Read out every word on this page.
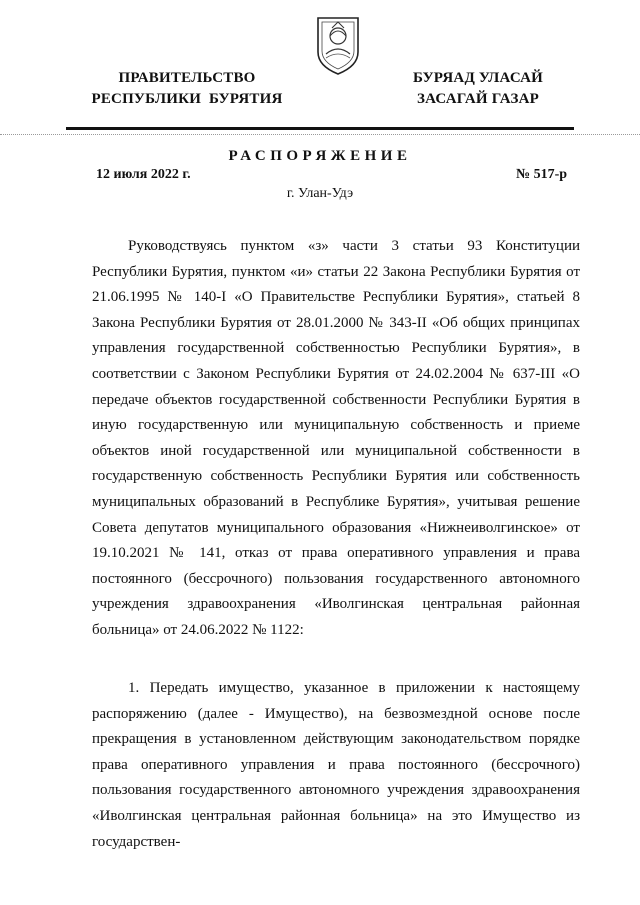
ПРАВИТЕЛЬСТВО
РЕСПУБЛИКИ  БУРЯТИЯ
БУРЯАД УЛАСАЙ
ЗАСАГАЙ ГАЗАР
РАСПОРЯЖЕНИЕ
12 июля 2022 г.	№ 517-р
г. Улан-Удэ

Руководствуясь пунктом «з» части 3 статьи 93 Конституции Республики Бурятия, пунктом «и» статьи 22 Закона Республики Бурятия от 21.06.1995 № 140-I «О Правительстве Республики Бурятия», статьей 8 Закона Республики Бурятия от 28.01.2000 № 343-II «Об общих принципах управления государственной собственностью Республики Бурятия», в соответствии с Законом Республики Бурятия от 24.02.2004 № 637-III «О передаче объектов государственной собственности Республики Бурятия в иную государственную или муниципальную собственность и приеме объектов иной государственной или муниципальной собственности в государственную собственность Республики Бурятия или собственность муниципальных образований в Республике Бурятия», учитывая решение Совета депутатов муниципального образования «Нижнеиволгинское» от 19.10.2021 № 141, отказ от права оперативного управления и права постоянного (бессрочного) пользования государственного автономного учреждения здравоохранения «Иволгинская центральная районная больница» от 24.06.2022 № 1122:

1. Передать имущество, указанное в приложении к настоящему распоряжению (далее - Имущество), на безвозмездной основе после прекращения в установленном действующим законодательством порядке права оперативного управления и права постоянного (бессрочного) пользования государственного автономного учреждения здравоохранения «Иволгинская центральная районная больница» на это Имущество из государствен-
